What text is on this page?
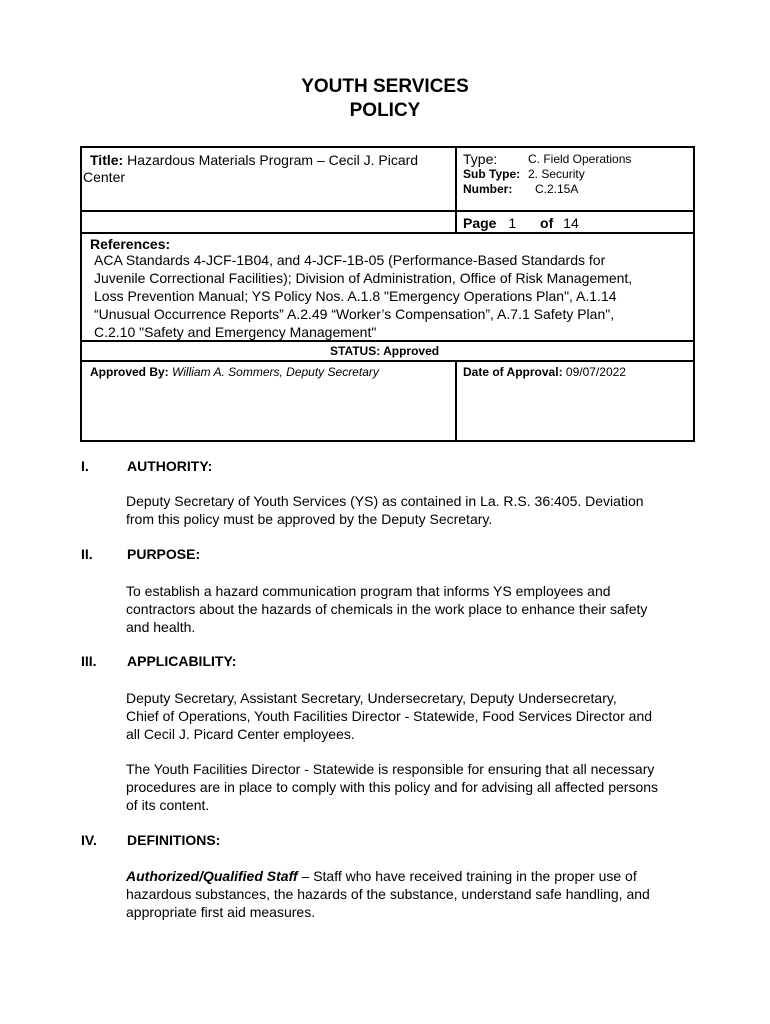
YOUTH SERVICES
POLICY
Title: Hazardous Materials Program – Cecil J. Picard
Center
Type:	C. Field Operations
Sub Type: 2. Security
Number: C.2.15A
Page 1 of 14
References:
ACA Standards 4-JCF-1B04, and 4-JCF-1B-05 (Performance-Based Standards for
Juvenile Correctional Facilities); Division of Administration, Office of Risk Management,
Loss Prevention Manual; YS Policy Nos. A.1.8 "Emergency Operations Plan", A.1.14
“Unusual Occurrence Reports” A.2.49 “Worker’s Compensation”, A.7.1 Safety Plan",
C.2.10 "Safety and Emergency Management"
STATUS: Approved
Approved By: William A. Sommers, Deputy Secretary	Date of Approval: 09/07/2022
I.	AUTHORITY:
Deputy Secretary of Youth Services (YS) as contained in La. R.S. 36:405. Deviation
from this policy must be approved by the Deputy Secretary.
II. PURPOSE:
To establish a hazard communication program that informs YS employees and
contractors about the hazards of chemicals in the work place to enhance their safety
and health.
III. APPLICABILITY:
Deputy Secretary, Assistant Secretary, Undersecretary, Deputy Undersecretary,
Chief of Operations, Youth Facilities Director - Statewide, Food Services Director and
all Cecil J. Picard Center employees.
The Youth Facilities Director - Statewide is responsible for ensuring that all necessary
procedures are in place to comply with this policy and for advising all affected persons
of its content.
IV. DEFINITIONS:
Authorized/Qualified Staff – Staff who have received training in the proper use of
hazardous substances, the hazards of the substance, understand safe handling, and
appropriate first aid measures.
